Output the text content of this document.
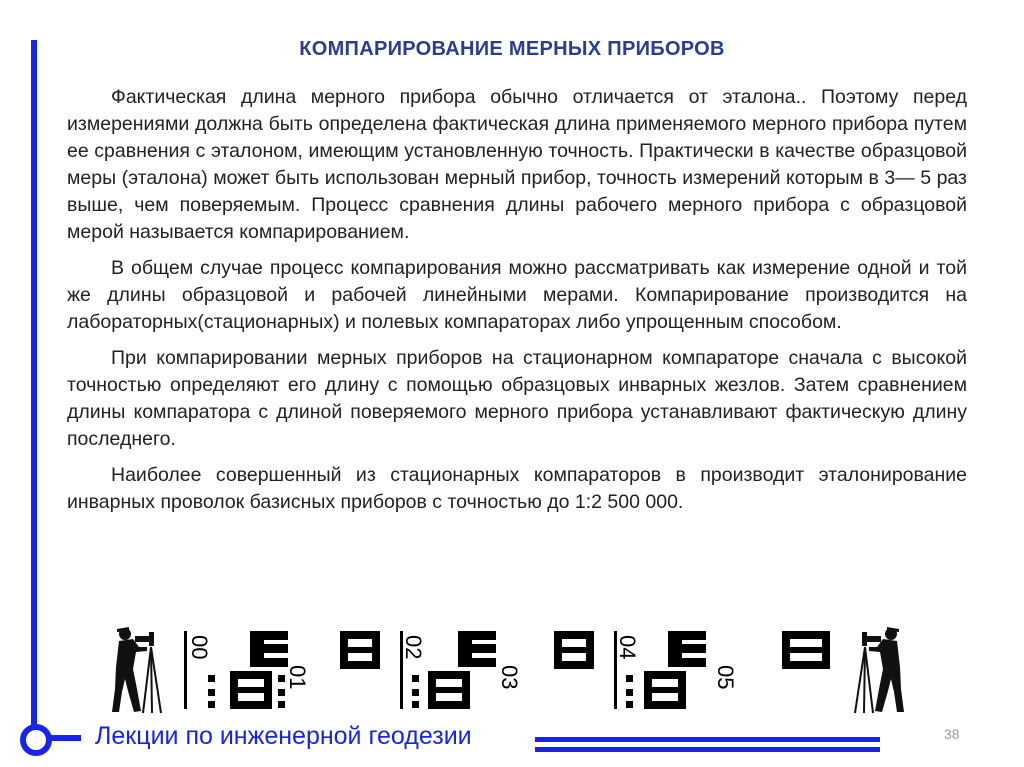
КОМПАРИРОВАНИЕ МЕРНЫХ ПРИБОРОВ

Фактическая длина мерного прибора обычно отличается от эталона.. Поэтому перед измерениями должна быть определена фактическая длина применяемого мерного прибора путем ее сравнения с эталоном, имеющим установленную точность. Практически в качестве образцовой меры (эталона) может быть использован мерный прибор, точность измерений которым в 3— 5 раз выше, чем поверяемым. Процесс сравнения длины рабочего мерного прибора с образцовой мерой называется компарированием.

В общем случае процесс компарирования можно рассматривать как измерение одной и той же длины образцовой и рабочей линейными мерами. Компарирование производится на лабораторных(стационарных) и полевых компараторах либо упрощенным способом.

При компарировании мерных приборов на стационарном компараторе сначала с высокой точностью определяют его длину с помощью образцовых инварных жезлов. Затем сравнением длины компаратора с длиной поверяемого мерного прибора устанавливают фактическую длину последнего.

Наиболее совершенный из стационарных компараторов в производит эталонирование инварных проволок базисных приборов с точностью до 1:2 500 000.

00
01
02
03
04
05

Лекции по инженерной геодезии	38
